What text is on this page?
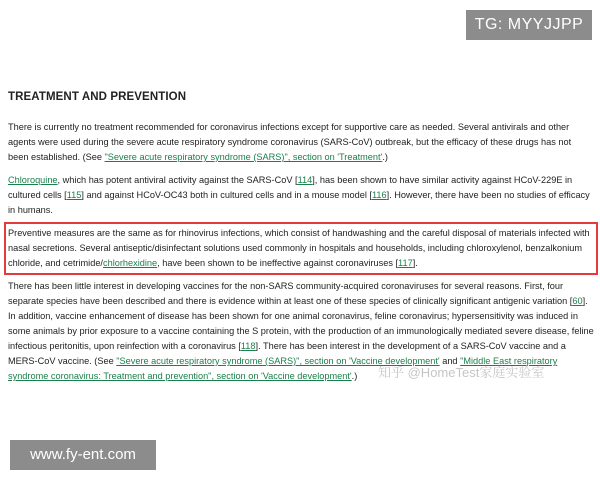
TG: MYYJJPP
TREATMENT AND PREVENTION

There is currently no treatment recommended for coronavirus infections except for supportive care as needed. Several antivirals and other agents were used during the severe acute respiratory syndrome coronavirus (SARS-CoV) outbreak, but the efficacy of these drugs has not been established. (See "Severe acute respiratory syndrome (SARS)", section on 'Treatment'.)

Chloroquine, which has potent antiviral activity against the SARS-CoV [114], has been shown to have similar activity against HCoV-229E in cultured cells [115] and against HCoV-OC43 both in cultured cells and in a mouse model [116]. However, there have been no studies of efficacy in humans.

Preventive measures are the same as for rhinovirus infections, which consist of handwashing and the careful disposal of materials infected with nasal secretions. Several antiseptic/disinfectant solutions used commonly in hospitals and households, including chloroxylenol, benzalkonium chloride, and cetrimide/chlorhexidine, have been shown to be ineffective against coronaviruses [117].

There has been little interest in developing vaccines for the non-SARS community-acquired coronaviruses for several reasons. First, four separate species have been described and there is evidence within at least one of these species of clinically significant antigenic variation [60]. In addition, vaccine enhancement of disease has been shown for one animal coronavirus, feline coronavirus; hypersensitivity was induced in some animals by prior exposure to a vaccine containing the S protein, with the production of an immunologically mediated severe disease, feline infectious peritonitis, upon reinfection with a coronavirus [118]. There has been interest in the development of a SARS-CoV vaccine and a MERS-CoV vaccine. (See "Severe acute respiratory syndrome (SARS)", section on 'Vaccine development' and "Middle East respiratory syndrome coronavirus: Treatment and prevention", section on 'Vaccine development'.)	知乎 @HomeTest家庭实验室
www.fy-ent.com
